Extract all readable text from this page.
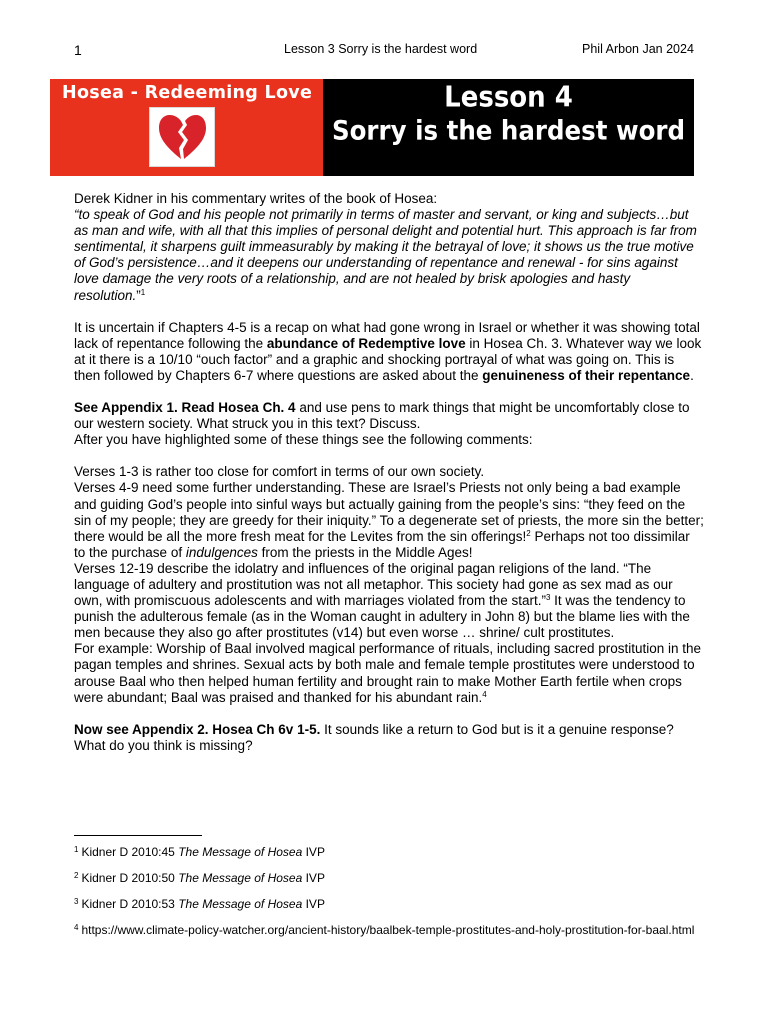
1	Lesson 3 Sorry is the hardest word	Phil Arbon Jan 2024
Hosea - Redeeming Love	Lesson 4
Sorry is the hardest word

Derek Kidner in his commentary writes of the book of Hosea:

“to speak of God and his people not primarily in terms of master and servant, or king and subjects…but as man and wife, with all that this implies of personal delight and potential hurt. This approach is far from sentimental, it sharpens guilt immeasurably by making it the betrayal of love; it shows us the true motive of God’s persistence…and it deepens our understanding of repentance and renewal - for sins against love damage the very roots of a relationship, and are not healed by brisk apologies and hasty resolution.”$^1$

It is uncertain if Chapters 4-5 is a recap on what had gone wrong in Israel or whether it was showing total lack of repentance following the abundance of Redemptive love in Hosea Ch. 3. Whatever way we look at it there is a 10/10 “ouch factor” and a graphic and shocking portrayal of what was going on. This is then followed by Chapters 6-7 where questions are asked about the genuineness of their repentance.

See Appendix 1. Read Hosea Ch. 4 and use pens to mark things that might be uncomfortably close to our western society. What struck you in this text? Discuss.

After you have highlighted some of these things see the following comments:

Verses 1-3 is rather too close for comfort in terms of our own society.

Verses 4-9 need some further understanding. These are Israel’s Priests not only being a bad example and guiding God’s people into sinful ways but actually gaining from the people’s sins: “they feed on the sin of my people; they are greedy for their iniquity.” To a degenerate set of priests, the more sin the better; there would be all the more fresh meat for the Levites from the sin offerings!$^2$ Perhaps not too dissimilar to the purchase of indulgences from the priests in the Middle Ages!

Verses 12-19 describe the idolatry and influences of the original pagan religions of the land. “The language of adultery and prostitution was not all metaphor. This society had gone as sex mad as our own, with promiscuous adolescents and with marriages violated from the start.”$^3$ It was the tendency to punish the adulterous female (as in the Woman caught in adultery in John 8) but the blame lies with the men because they also go after prostitutes (v14) but even worse … shrine/ cult prostitutes.

For example: Worship of Baal involved magical performance of rituals, including sacred prostitution in the pagan temples and shrines. Sexual acts by both male and female temple prostitutes were understood to arouse Baal who then helped human fertility and brought rain to make Mother Earth fertile when crops were abundant; Baal was praised and thanked for his abundant rain.$^4$

Now see Appendix 2. Hosea Ch 6v 1-5. It sounds like a return to God but is it a genuine response? What do you think is missing?

$^1$ Kidner D 2010:45 The Message of Hosea IVP
$^2$ Kidner D 2010:50 The Message of Hosea IVP
$^3$ Kidner D 2010:53 The Message of Hosea IVP
$^4$ https://www.climate-policy-watcher.org/ancient-history/baalbek-temple-prostitutes-and-holy-prostitution-for-baal.html
